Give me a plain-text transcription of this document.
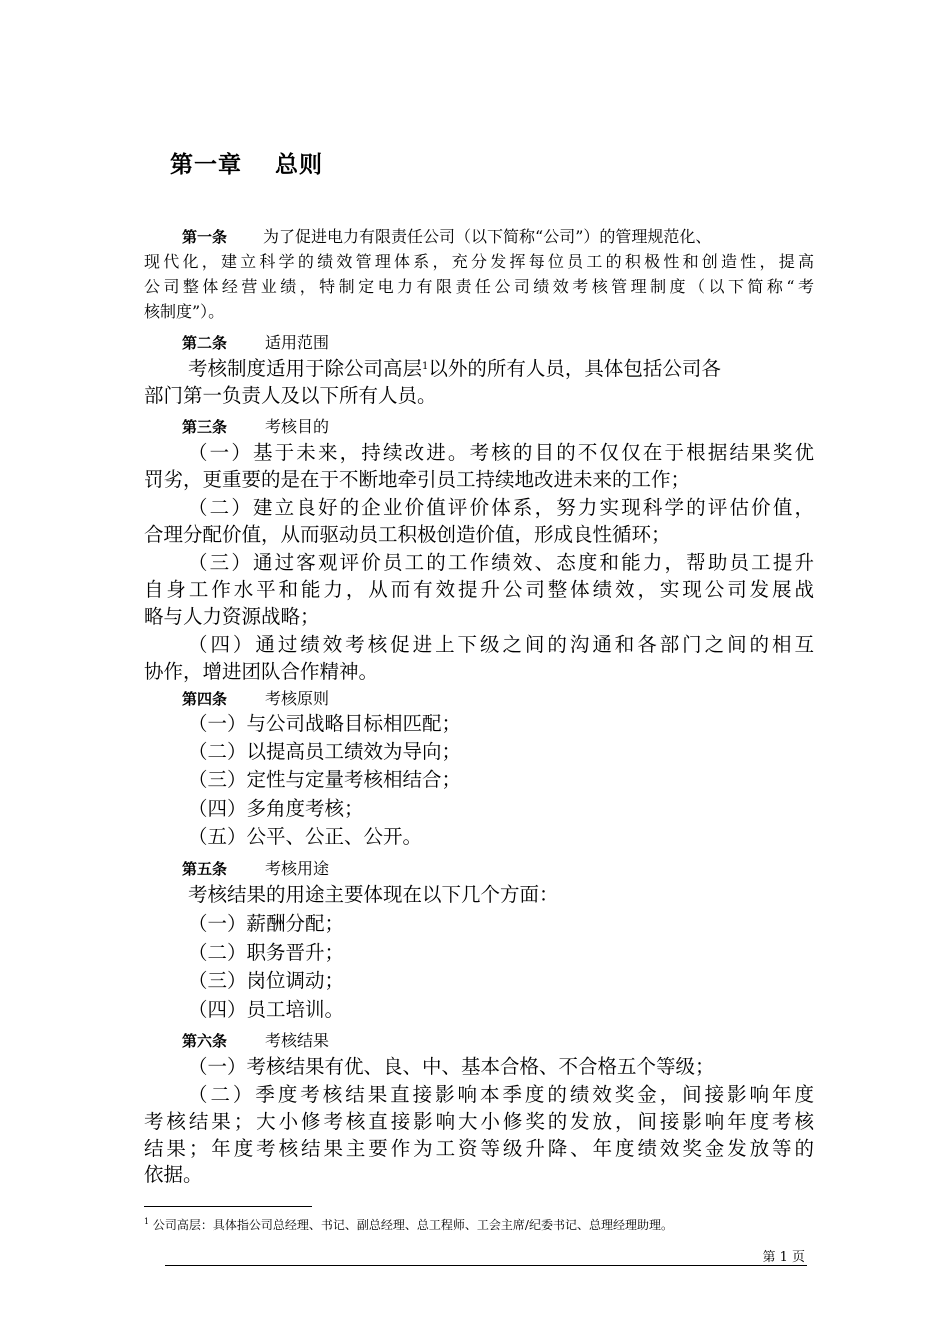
第一章　 总则
第一条 为了促进电力有限责任公司（以下简称“公司”）的管理规范化、
现代化，建立科学的绩效管理体系，充分发挥每位员工的积极性和创造性，提高
公司整体经营业绩，特制定电力有限责任公司绩效考核管理制度（以下简称“考
核制度”）。
第二条 适用范围
考核制度适用于除公司高层$^1$以外的所有人员，具体包括公司各
部门第一负责人及以下所有人员。
第三条 考核目的
（一）基于未来，持续改进。考核的目的不仅仅在于根据结果奖优
罚劣，更重要的是在于不断地牵引员工持续地改进未来的工作；
（二）建立良好的企业价值评价体系，努力实现科学的评估价值，
合理分配价值，从而驱动员工积极创造价值，形成良性循环；
（三）通过客观评价员工的工作绩效、态度和能力，帮助员工提升
自身工作水平和能力，从而有效提升公司整体绩效，实现公司发展战
略与人力资源战略；
（四）通过绩效考核促进上下级之间的沟通和各部门之间的相互
协作，增进团队合作精神。
第四条 考核原则
（一）与公司战略目标相匹配；
（二）以提高员工绩效为导向；
（三）定性与定量考核相结合；
（四）多角度考核；
（五）公平、公正、公开。
第五条 考核用途
考核结果的用途主要体现在以下几个方面：
（一）薪酬分配；
（二）职务晋升；
（三）岗位调动；
（四）员工培训。
第六条 考核结果
（一）考核结果有优、良、中、基本合格、不合格五个等级；
（二）季度考核结果直接影响本季度的绩效奖金，间接影响年度
考核结果；大小修考核直接影响大小修奖的发放，间接影响年度考核
结果；年度考核结果主要作为工资等级升降、年度绩效奖金发放等的
依据。
$^1$ 公司高层：具体指公司总经理、书记、副总经理、总工程师、工会主席/纪委书记、总理经理助理。
第 1 页
